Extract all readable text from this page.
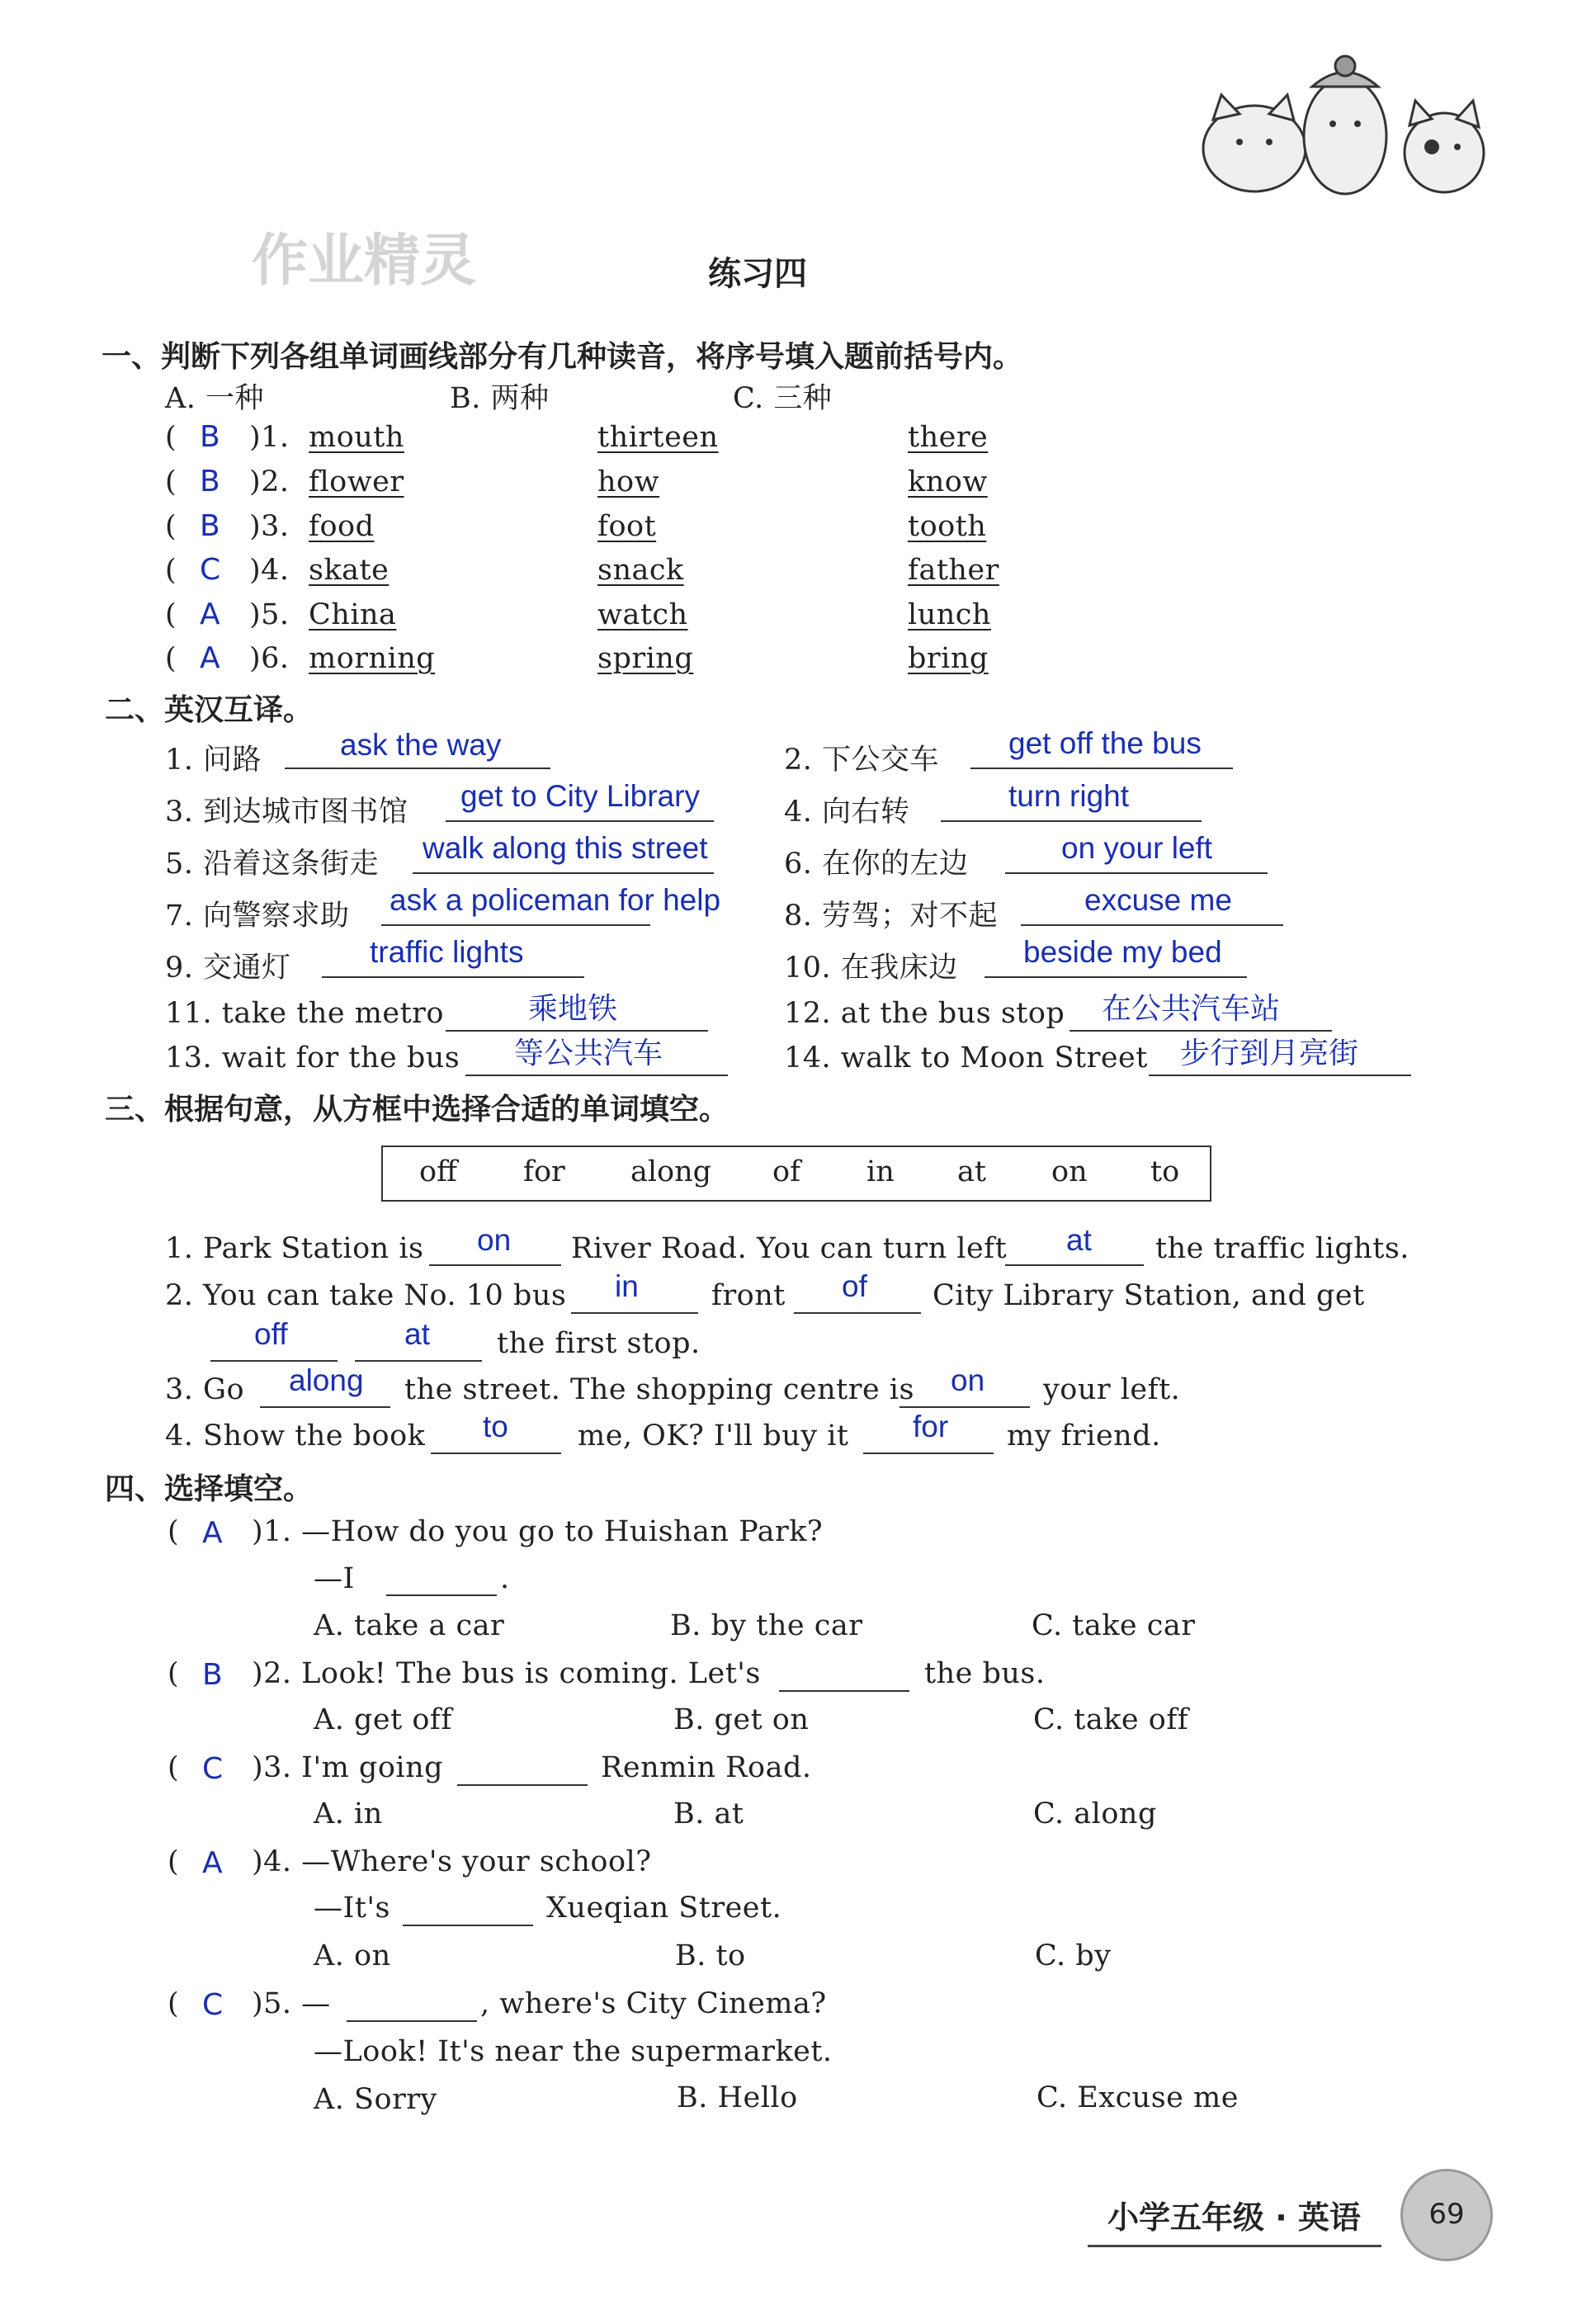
作业精灵	练习四
一、判断下列各组单词画线部分有几种读音，将序号填入题前括号内。
A. 一种	B. 两种	C. 三种
( B )1. mouth	thirteen	there
( B )2. flower	how	know
( B )3. food	foot	tooth
( C )4. skate	snack	father
( A )5. China	watch	lunch
( A )6. morning	spring	bring
二、英汉互译。
1. 问路	ask the way	2. 下公交车 get off the bus
3. 到达城市图书馆 get to City Library	4. 向右转	turn right
5. 沿着这条街走 walk along this street	6. 在你的左边	on your left
7. 向警察求助 ask a policeman for help 8. 劳驾；对不起	excuse me
9. 交通灯	traffic lights	10. 在我床边 beside my bed
11. take the metro	乘地铁	12. at the bus stop 在公共汽车站
13. wait for the bus 等公共汽车	14. walk to Moon Street 步行到月亮街
三、根据句意，从方框中选择合适的单词填空。
off for along of in at on to
1. Park Station is on River Road. You can turn left at the traffic lights.
2. You can take No. 10 bus in	front of City Library Station, and get
off	at the first stop.
3. Go along the street. The shopping centre is on your left.
4. Show the book to me, OK? I'll buy it for my friend.
四、选择填空。
( A )1. —How do you go to Huishan Park?
—I	.
A. take a car	B. by the car	C. take car
( B )2. Look! The bus is coming. Let's	the bus.
A. get off	B. get on	C. take off
( C )3. I'm going	Renmin Road.
A. in	B. at	C. along
( A )4. —Where's your school?
—It's	Xueqian Street.
A. on	B. to	C. by
( C )5. —	, where's City Cinema?
—Look! It's near the supermarket.
A. Sorry	B. Hello	C. Excuse me
小学五年级 · 英语	69
